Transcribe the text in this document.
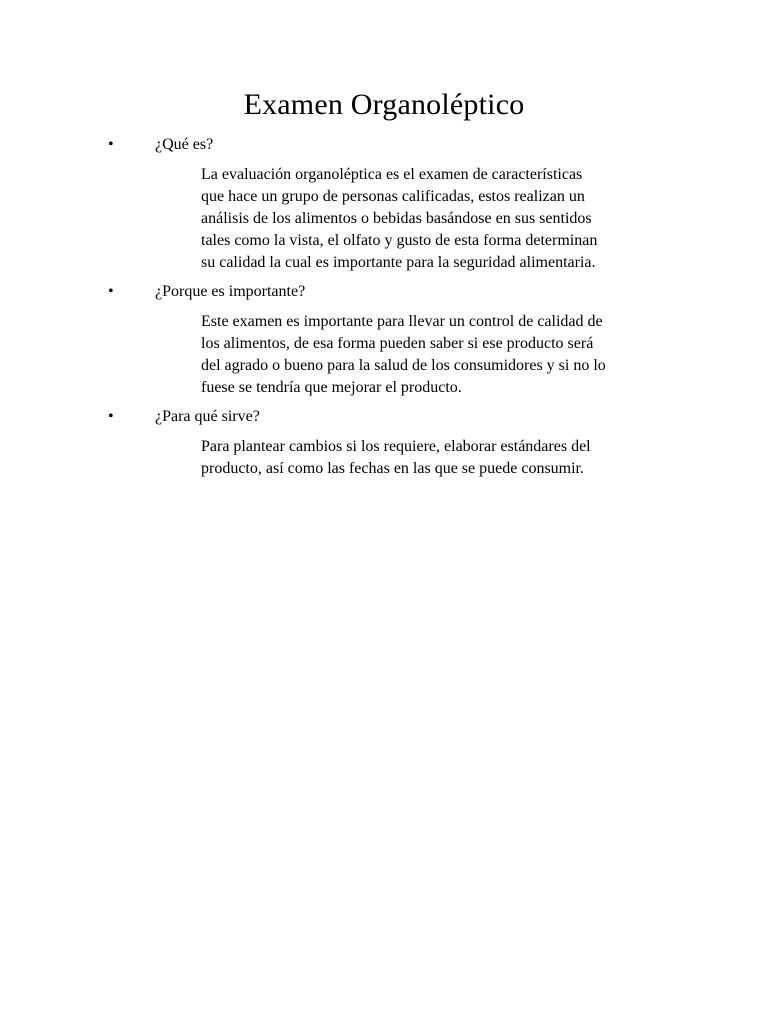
Examen Organoléptico
•	¿Qué es?
La evaluación organoléptica es el examen de características
que hace un grupo de personas calificadas, estos realizan un
análisis de los alimentos o bebidas basándose en sus sentidos
tales como la vista, el olfato y gusto de esta forma determinan
su calidad la cual es importante para la seguridad alimentaria.
•	¿Porque es importante?
Este examen es importante para llevar un control de calidad de
los alimentos, de esa forma pueden saber si ese producto será
del agrado o bueno para la salud de los consumidores y si no lo
fuese se tendría que mejorar el producto.
•	¿Para qué sirve?
Para plantear cambios si los requiere, elaborar estándares del
producto, así como las fechas en las que se puede consumir.
